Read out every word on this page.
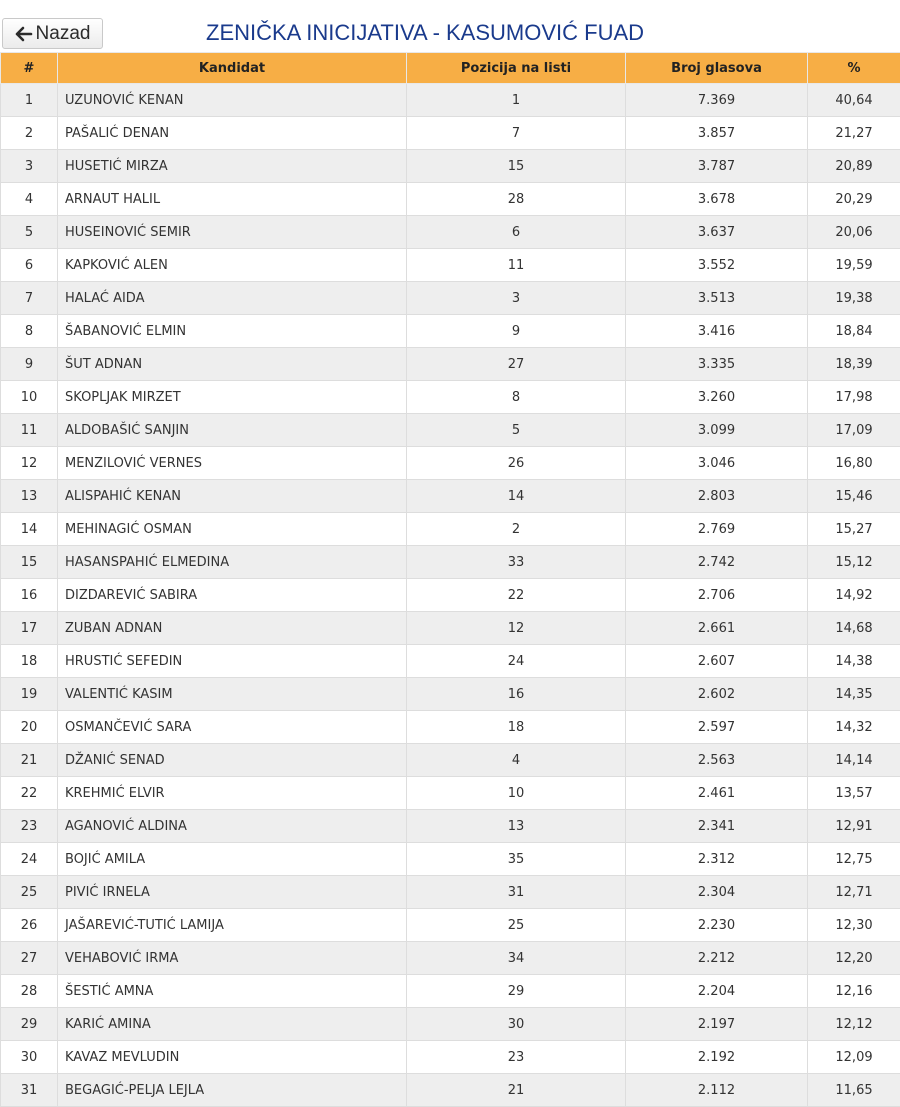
Nazad	ZENIČKA INICIJATIVA - KASUMOVIĆ FUAD
#	Kandidat	Pozicija na listi	Broj glasova	%
1	UZUNOVIĆ KENAN	1	7.369	40,64
2	PAŠALIĆ DENAN	7	3.857	21,27
3	HUSETIĆ MIRZA	15	3.787	20,89
4	ARNAUT HALIL	28	3.678	20,29
5	HUSEINOVIĆ SEMIR	6	3.637	20,06
6	KAPKOVIĆ ALEN	11	3.552	19,59
7	HALAĆ AIDA	3	3.513	19,38
8	ŠABANOVIĆ ELMIN	9	3.416	18,84
9	ŠUT ADNAN	27	3.335	18,39
10	SKOPLJAK MIRZET	8	3.260	17,98
11	ALDOBAŠIĆ SANJIN	5	3.099	17,09
12	MENZILOVIĆ VERNES	26	3.046	16,80
13	ALISPAHIĆ KENAN	14	2.803	15,46
14	MEHINAGIĆ OSMAN	2	2.769	15,27
15	HASANSPAHIĆ ELMEDINA	33	2.742	15,12
16	DIZDAREVIĆ SABIRA	22	2.706	14,92
17	ZUBAN ADNAN	12	2.661	14,68
18	HRUSTIĆ SEFEDIN	24	2.607	14,38
19	VALENTIĆ KASIM	16	2.602	14,35
20	OSMANČEVIĆ SARA	18	2.597	14,32
21	DŽANIĆ SENAD	4	2.563	14,14
22	KREHMIĆ ELVIR	10	2.461	13,57
23	AGANOVIĆ ALDINA	13	2.341	12,91
24	BOJIĆ AMILA	35	2.312	12,75
25	PIVIĆ IRNELA	31	2.304	12,71
26	JAŠAREVIĆ-TUTIĆ LAMIJA	25	2.230	12,30
27	VEHABOVIĆ IRMA	34	2.212	12,20
28	ŠESTIĆ AMNA	29	2.204	12,16
29	KARIĆ AMINA	30	2.197	12,12
30	KAVAZ MEVLUDIN	23	2.192	12,09
31	BEGAGIĆ-PELJA LEJLA	21	2.112	11,65
